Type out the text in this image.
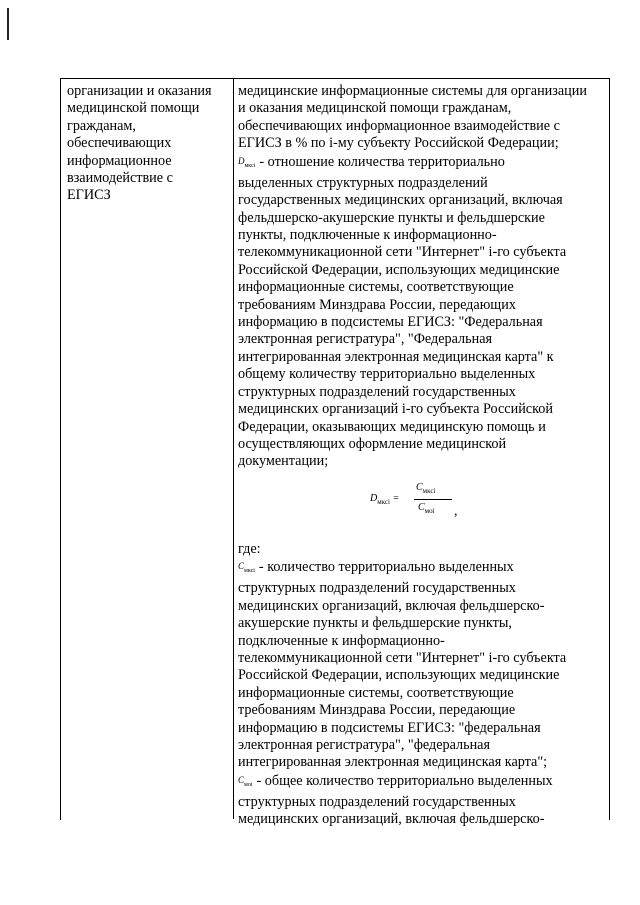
организации и оказания
медицинской помощи
гражданам,
обеспечивающих
информационное
взаимодействие с
ЕГИСЗ
медицинские информационные системы для организации
и оказания медицинской помощи гражданам,
обеспечивающих информационное взаимодействие с
ЕГИСЗ в % по i-му субъекту Российской Федерации;
$D_{мксi}$ - отношение количества территориально
выделенных структурных подразделений
государственных медицинских организаций, включая
фельдшерско-акушерские пункты и фельдшерские
пункты, подключенные к информационно-
телекоммуникационной сети "Интернет" i-го субъекта
Российской Федерации, использующих медицинские
информационные системы, соответствующие
требованиям Минздрава России, передающих
информацию в подсистемы ЕГИСЗ: "Федеральная
электронная регистратура", "Федеральная
интегрированная электронная медицинская карта" к
общему количеству территориально выделенных
структурных подразделений государственных
медицинских организаций i-го субъекта Российской
Федерации, оказывающих медицинскую помощь и
осуществляющих оформление медицинской
документации;
где:
$C_{мксi}$ - количество территориально выделенных
структурных подразделений государственных
медицинских организаций, включая фельдшерско-
акушерские пункты и фельдшерские пункты,
подключенные к информационно-
телекоммуникационной сети "Интернет" i-го субъекта
Российской Федерации, использующих медицинские
информационные системы, соответствующие
требованиям Минздрава России, передающие
информацию в подсистемы ЕГИСЗ: "федеральная
электронная регистратура", "федеральная
интегрированная электронная медицинская карта";
$C_{моi}$ - общее количество территориально выделенных
структурных подразделений государственных
медицинских организаций, включая фельдшерско-
$D_{мксi}$ =
$C_{мксi}$
$C_{моi}$ ,
